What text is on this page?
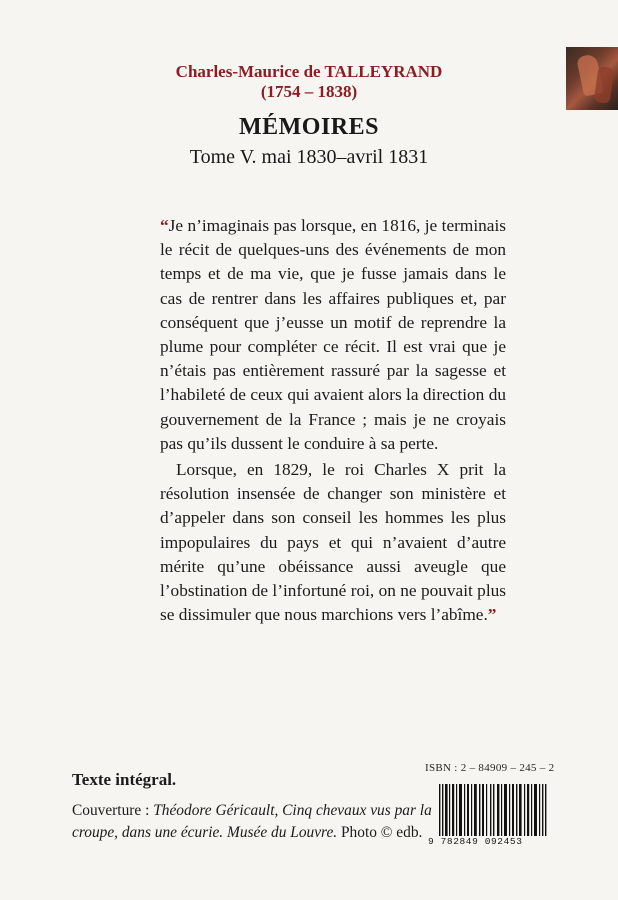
Charles-Maurice de TALLEYRAND
(1754 – 1838)
MÉMOIRES
Tome V. mai 1830–avril 1831

“Je n’imaginais pas lorsque, en 1816, je terminais le récit de quelques-uns des événements de mon temps et de ma vie, que je fusse jamais dans le cas de rentrer dans les affaires publiques et, par conséquent que j’eusse un motif de reprendre la plume pour compléter ce récit. Il est vrai que je n’étais pas entièrement rassuré par la sagesse et l’habileté de ceux qui avaient alors la direction du gouvernement de la France ; mais je ne croyais pas qu’ils dussent le conduire à sa perte.

Lorsque, en 1829, le roi Charles X prit la résolution insensée de changer son ministère et d’appeler dans son conseil les hommes les plus impopulaires du pays et qui n’avaient d’autre mérite qu’une obéissance aussi aveugle que l’obstination de l’infortuné roi, on ne pouvait plus se dissimuler que nous marchions vers l’abîme.”

Texte intégral.
Couverture : Théodore Géricault, Cinq chevaux vus par la croupe, dans une écurie. Musée du Louvre. Photo © edb.
ISBN : 2 – 84909 – 245 – 2
9 782849 092453
